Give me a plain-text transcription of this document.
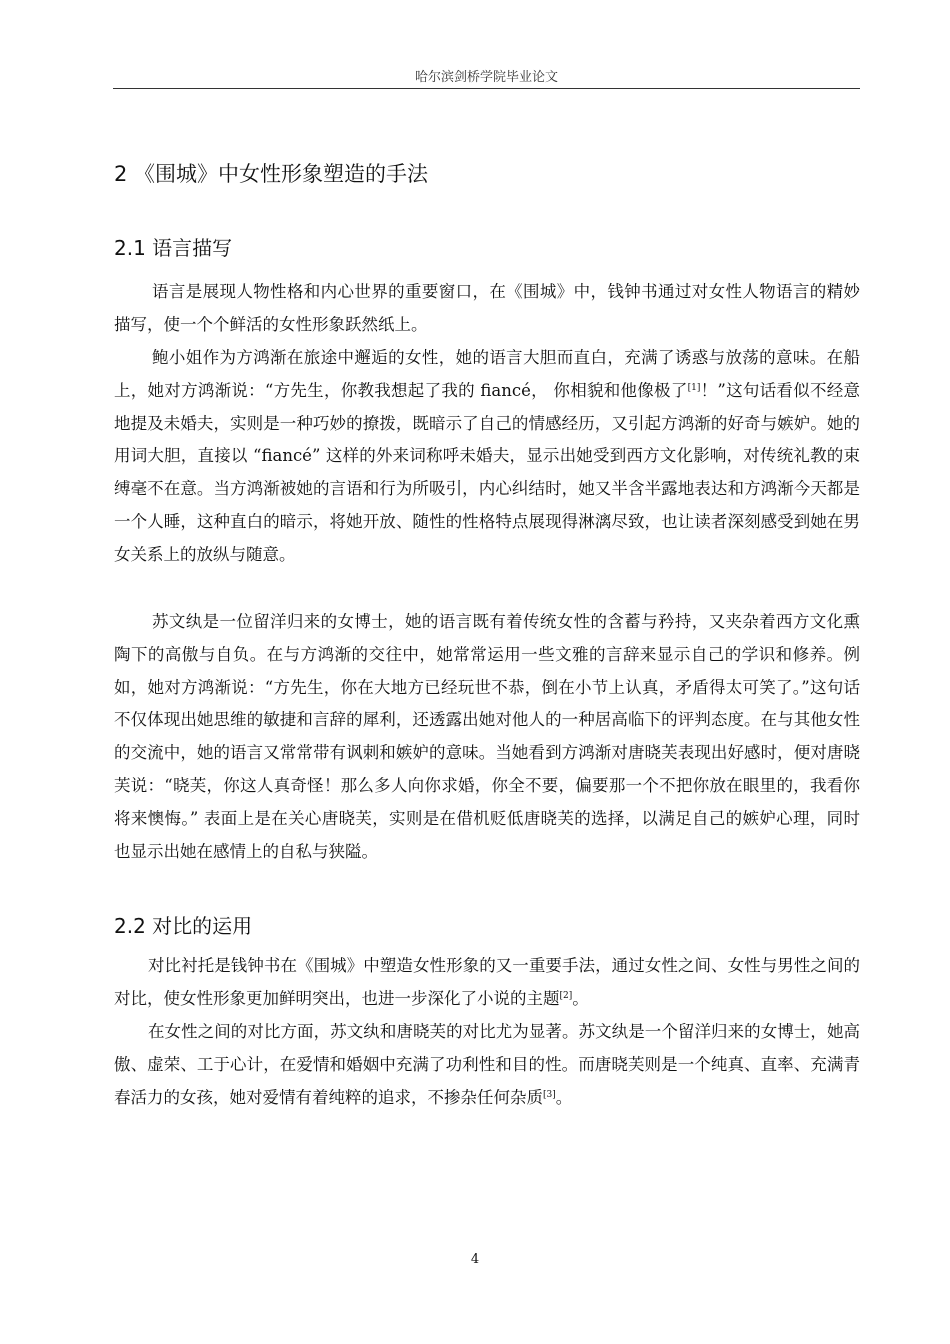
哈尔滨剑桥学院毕业论文
2 《围城》中女性形象塑造的手法
2.1 语言描写

语言是展现人物性格和内心世界的重要窗口，在《围城》中，钱钟书通过对女性人物语言的精妙描写，使一个个鲜活的女性形象跃然纸上。

鲍小姐作为方鸿渐在旅途中邂逅的女性，她的语言大胆而直白，充满了诱惑与放荡的意味。在船上，她对方鸿渐说：“方先生，你教我想起了我的 fiancé， 你相貌和他像极了[1]！”这句话看似不经意地提及未婚夫，实则是一种巧妙的撩拨，既暗示了自己的情感经历，又引起方鸿渐的好奇与嫉妒。她的用词大胆，直接以 “fiancé” 这样的外来词称呼未婚夫，显示出她受到西方文化影响，对传统礼教的束缚毫不在意。当方鸿渐被她的言语和行为所吸引，内心纠结时，她又半含半露地表达和方鸿渐今天都是一个人睡，这种直白的暗示，将她开放、随性的性格特点展现得淋漓尽致，也让读者深刻感受到她在男女关系上的放纵与随意。

苏文纨是一位留洋归来的女博士，她的语言既有着传统女性的含蓄与矜持，又夹杂着西方文化熏陶下的高傲与自负。在与方鸿渐的交往中，她常常运用一些文雅的言辞来显示自己的学识和修养。例如，她对方鸿渐说：“方先生，你在大地方已经玩世不恭，倒在小节上认真，矛盾得太可笑了。”这句话不仅体现出她思维的敏捷和言辞的犀利，还透露出她对他人的一种居高临下的评判态度。在与其他女性的交流中，她的语言又常常带有讽刺和嫉妒的意味。当她看到方鸿渐对唐晓芙表现出好感时，便对唐晓芙说：“晓芙，你这人真奇怪！那么多人向你求婚，你全不要，偏要那一个不把你放在眼里的，我看你将来懊悔。” 表面上是在关心唐晓芙，实则是在借机贬低唐晓芙的选择，以满足自己的嫉妒心理，同时也显示出她在感情上的自私与狭隘。

2.2 对比的运用

对比衬托是钱钟书在《围城》中塑造女性形象的又一重要手法，通过女性之间、女性与男性之间的对比，使女性形象更加鲜明突出，也进一步深化了小说的主题[2]。

在女性之间的对比方面，苏文纨和唐晓芙的对比尤为显著。苏文纨是一个留洋归来的女博士，她高傲、虚荣、工于心计，在爱情和婚姻中充满了功利性和目的性。而唐晓芙则是一个纯真、直率、充满青春活力的女孩，她对爱情有着纯粹的追求，不掺杂任何杂质[3]。

4
